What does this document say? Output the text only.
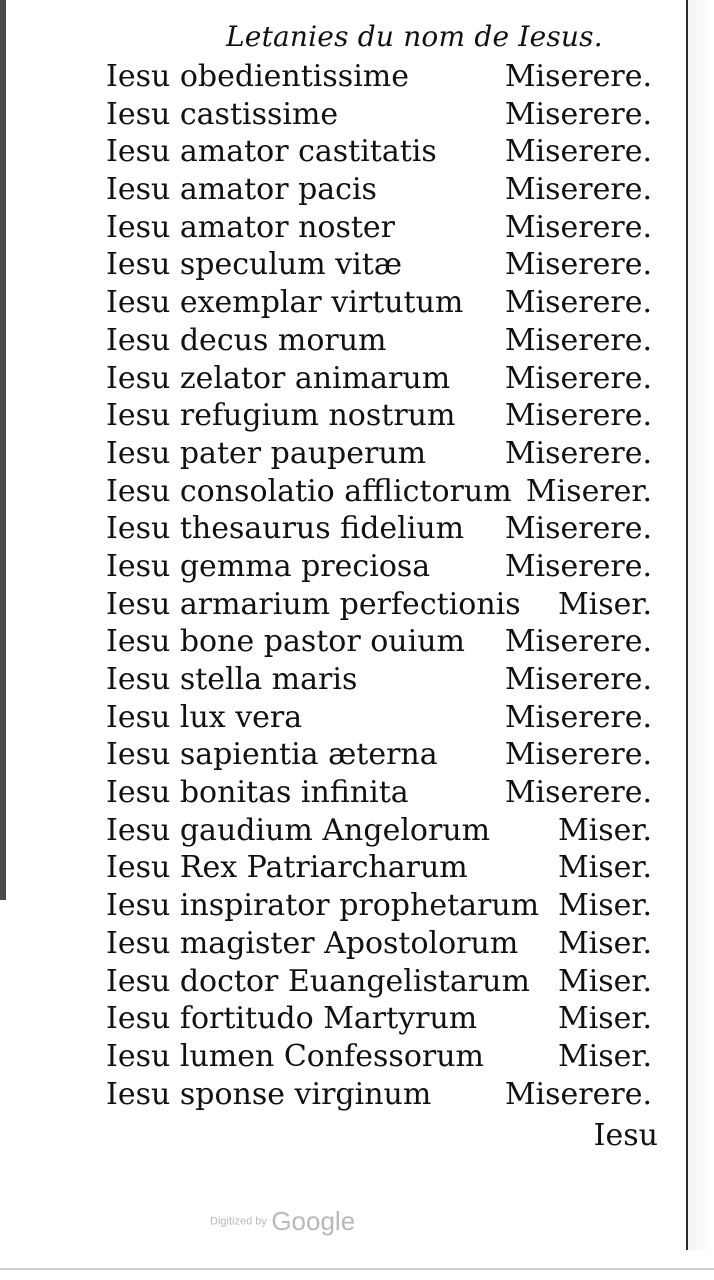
Letanies du nom de Iesus.
Iesu obedientissime	Miserere.
Iesu castissime	Miserere.
Iesu amator castitatis Miserere.
Iesu amator pacis	Miserere.
Iesu amator noster	Miserere.
Iesu speculum vitæ	Miserere.
Iesu exemplar virtutum Miserere.
Iesu decus morum	Miserere.
Iesu zelator animarum Miserere.
Iesu refugium nostrum Miserere.
Iesu pater pauperum	Miserere.
Iesu consolatio afflictorum Miserer.
Iesu thesaurus fidelium Miserere.
Iesu gemma preciosa Miserere.
Iesu armarium perfectionis Miser.
Iesu bone pastor ouium Miserere.
Iesu stella maris	Miserere.
Iesu lux vera	Miserere.
Iesu sapientia æterna Miserere.
Iesu bonitas infinita	Miserere.
Iesu gaudium Angelorum Miser.
Iesu Rex Patriarcharum	Miser.
Iesu inspirator prophetarum Miser.
Iesu magister Apostolorum Miser.
Iesu doctor Euangelistarum Miser.
Iesu fortitudo Martyrum	Miser.
Iesu lumen Confessorum Miser.
Iesu sponse virginum Miserere.
Iesu
Digitized by Google
